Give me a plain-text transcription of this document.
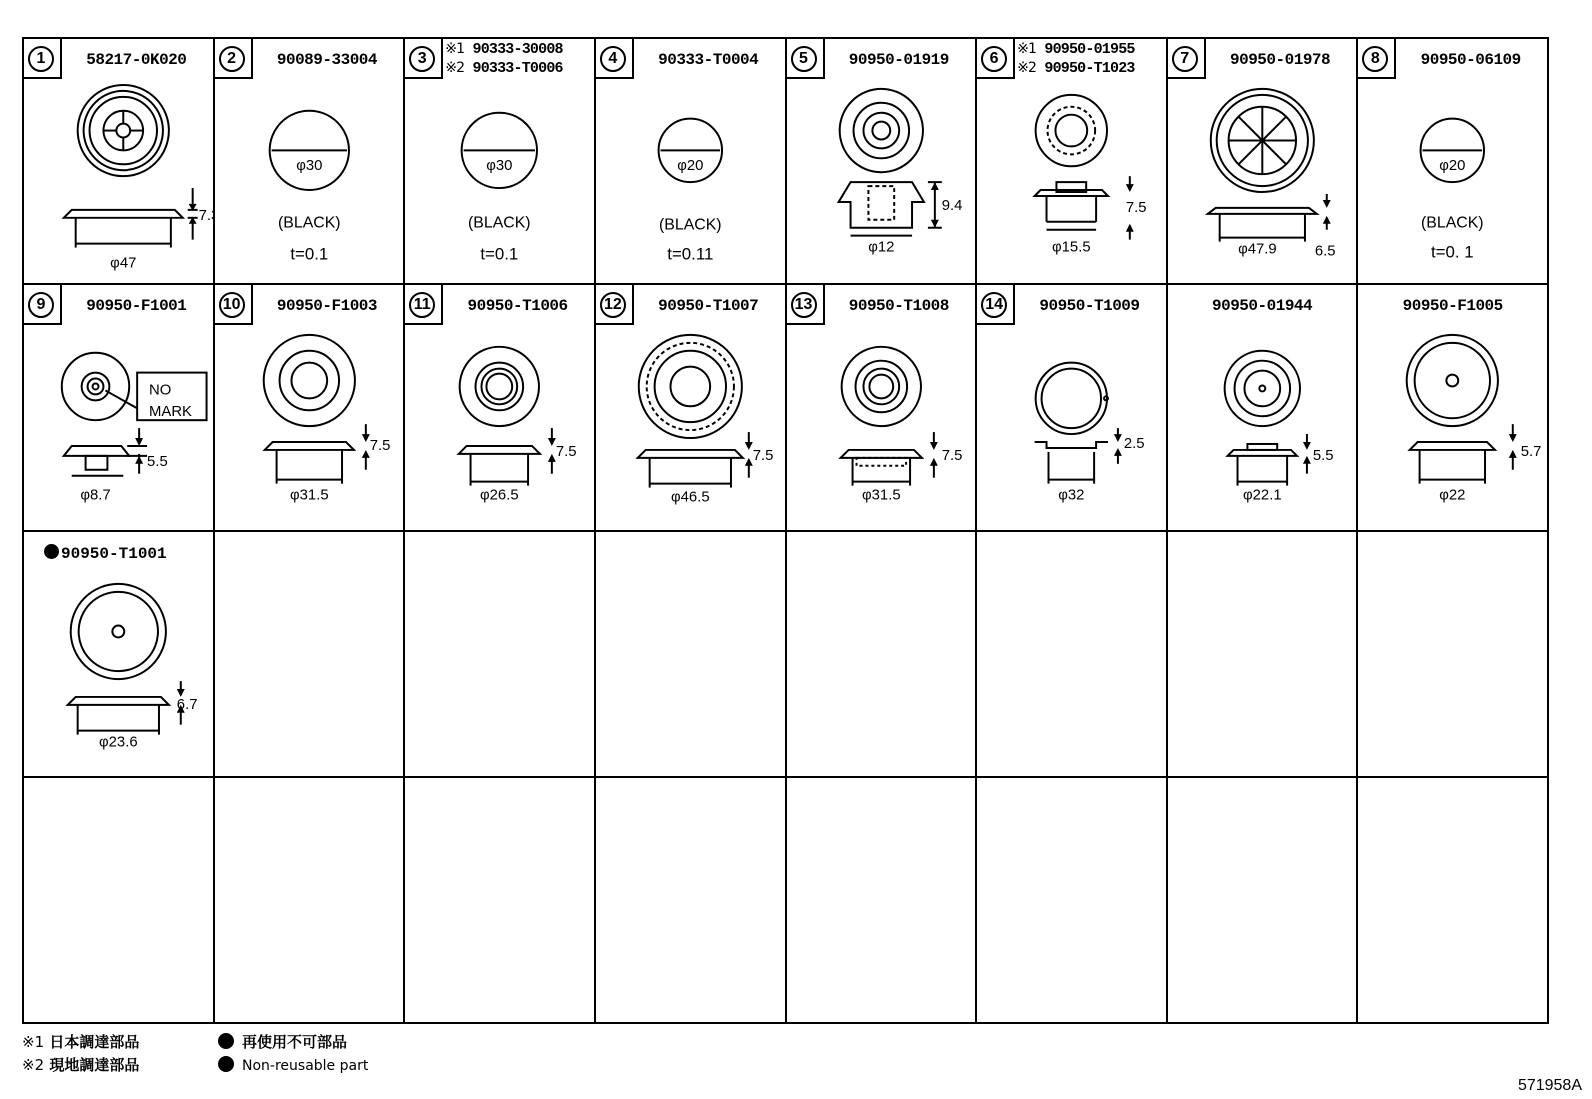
1	58217-0K020
7.3
φ47
2	90089-33004
φ30
(BLACK)
t=0.1
3
※1 90333-30008
※2 90333-T0006
φ30
(BLACK)
t=0.1
4	90333-T0004
φ20
(BLACK)
t=0.11
5	90950-01919
9.4
φ12
6
※1 90950-01955
※2 90950-T1023
7.5
φ15.5
7	90950-01978
φ47.9	6.5
8	90950-06109
φ20
(BLACK)
t=0. 1
9	90950-F1001
NO
MARK
5.5
φ8.7
10	90950-F1003
7.5
φ31.5
11	90950-T1006
7.5
φ26.5
12	90950-T1007
7.5
φ46.5
13	90950-T1008
7.5
φ31.5
14	90950-T1009
2.5
φ32
90950-01944
5.5
φ22.1
90950-F1005
5.7
φ22
90950-T1001
6.7
φ23.6
※1 日本調達部品
※2 現地調達部品
再使用不可部品
Non-reusable part
571958A
